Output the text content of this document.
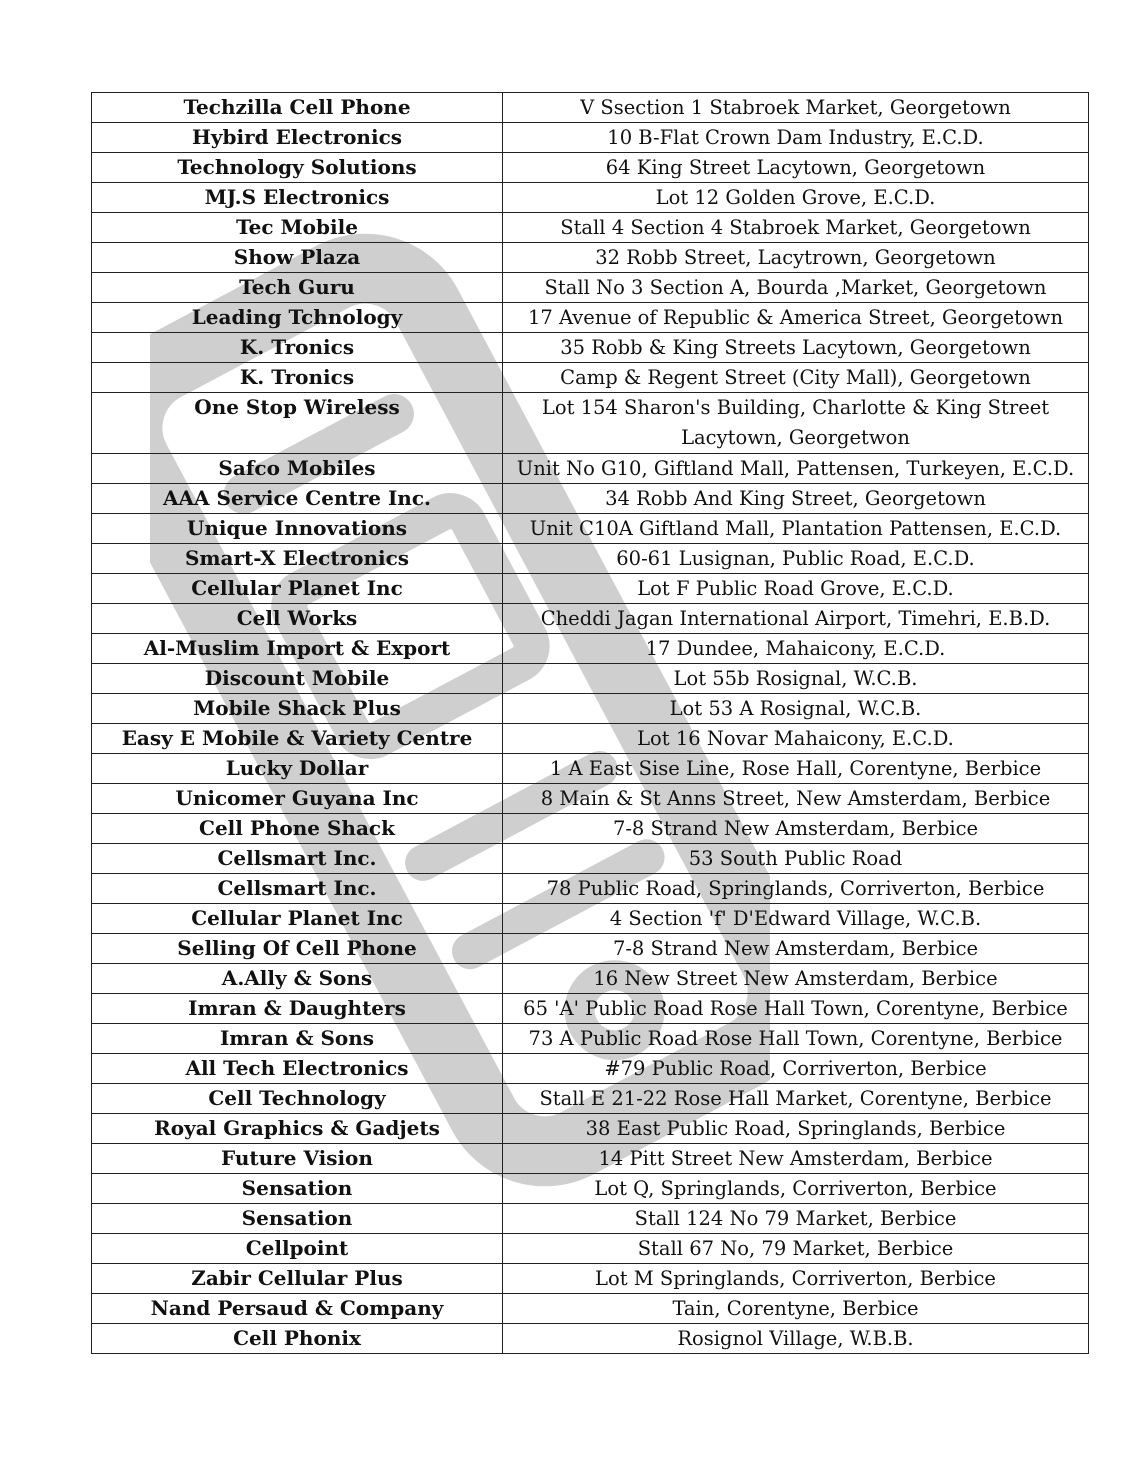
Techzilla Cell Phone	V Ssection 1 Stabroek Market, Georgetown
Hybird Electronics	10 B-Flat Crown Dam Industry, E.C.D.
Technology Solutions	64 King Street Lacytown, Georgetown
MJ.S Electronics	Lot 12 Golden Grove, E.C.D.
Tec Mobile	Stall 4 Section 4 Stabroek Market, Georgetown
Show Plaza	32 Robb Street, Lacytrown, Georgetown
Tech Guru	Stall No 3 Section A, Bourda ,Market, Georgetown
Leading Tchnology	17 Avenue of Republic & America Street, Georgetown
K. Tronics	35 Robb & King Streets Lacytown, Georgetown
K. Tronics	Camp & Regent Street (City Mall), Georgetown
One Stop Wireless	Lot 154 Sharon's Building, Charlotte & King Street Lacytown, Georgetwon
Safco Mobiles	Unit No G10, Giftland Mall, Pattensen, Turkeyen, E.C.D.
AAA Service Centre Inc.	34 Robb And King Street, Georgetown
Unique Innovations	Unit C10A Giftland Mall, Plantation Pattensen, E.C.D.
Smart-X Electronics	60-61 Lusignan, Public Road, E.C.D.
Cellular Planet Inc	Lot F Public Road Grove, E.C.D.
Cell Works	Cheddi Jagan International Airport, Timehri, E.B.D.
Al-Muslim Import & Export	17 Dundee, Mahaicony, E.C.D.
Discount Mobile	Lot 55b Rosignal, W.C.B.
Mobile Shack Plus	Lot 53 A Rosignal, W.C.B.
Easy E Mobile & Variety Centre	Lot 16 Novar Mahaicony, E.C.D.
Lucky Dollar	1 A East Sise Line, Rose Hall, Corentyne, Berbice
Unicomer Guyana Inc	8 Main & St Anns Street, New Amsterdam, Berbice
Cell Phone Shack	7-8 Strand New Amsterdam, Berbice
Cellsmart Inc.	53 South Public Road
Cellsmart Inc.	78 Public Road, Springlands, Corriverton, Berbice
Cellular Planet Inc	4 Section 'f' D'Edward Village, W.C.B.
Selling Of Cell Phone	7-8 Strand New Amsterdam, Berbice
A.Ally & Sons	16 New Street New Amsterdam, Berbice
Imran & Daughters	65 'A' Public Road Rose Hall Town, Corentyne, Berbice
Imran & Sons	73 A Public Road Rose Hall Town, Corentyne, Berbice
All Tech Electronics	#79 Public Road, Corriverton, Berbice
Cell Technology	Stall E 21-22 Rose Hall Market, Corentyne, Berbice
Royal Graphics & Gadjets	38 East Public Road, Springlands, Berbice
Future Vision	14 Pitt Street New Amsterdam, Berbice
Sensation	Lot Q, Springlands, Corriverton, Berbice
Sensation	Stall 124 No 79 Market, Berbice
Cellpoint	Stall 67 No, 79 Market, Berbice
Zabir Cellular Plus	Lot M Springlands, Corriverton, Berbice
Nand Persaud & Company	Tain, Corentyne, Berbice
Cell Phonix	Rosignol Village, W.B.B.
